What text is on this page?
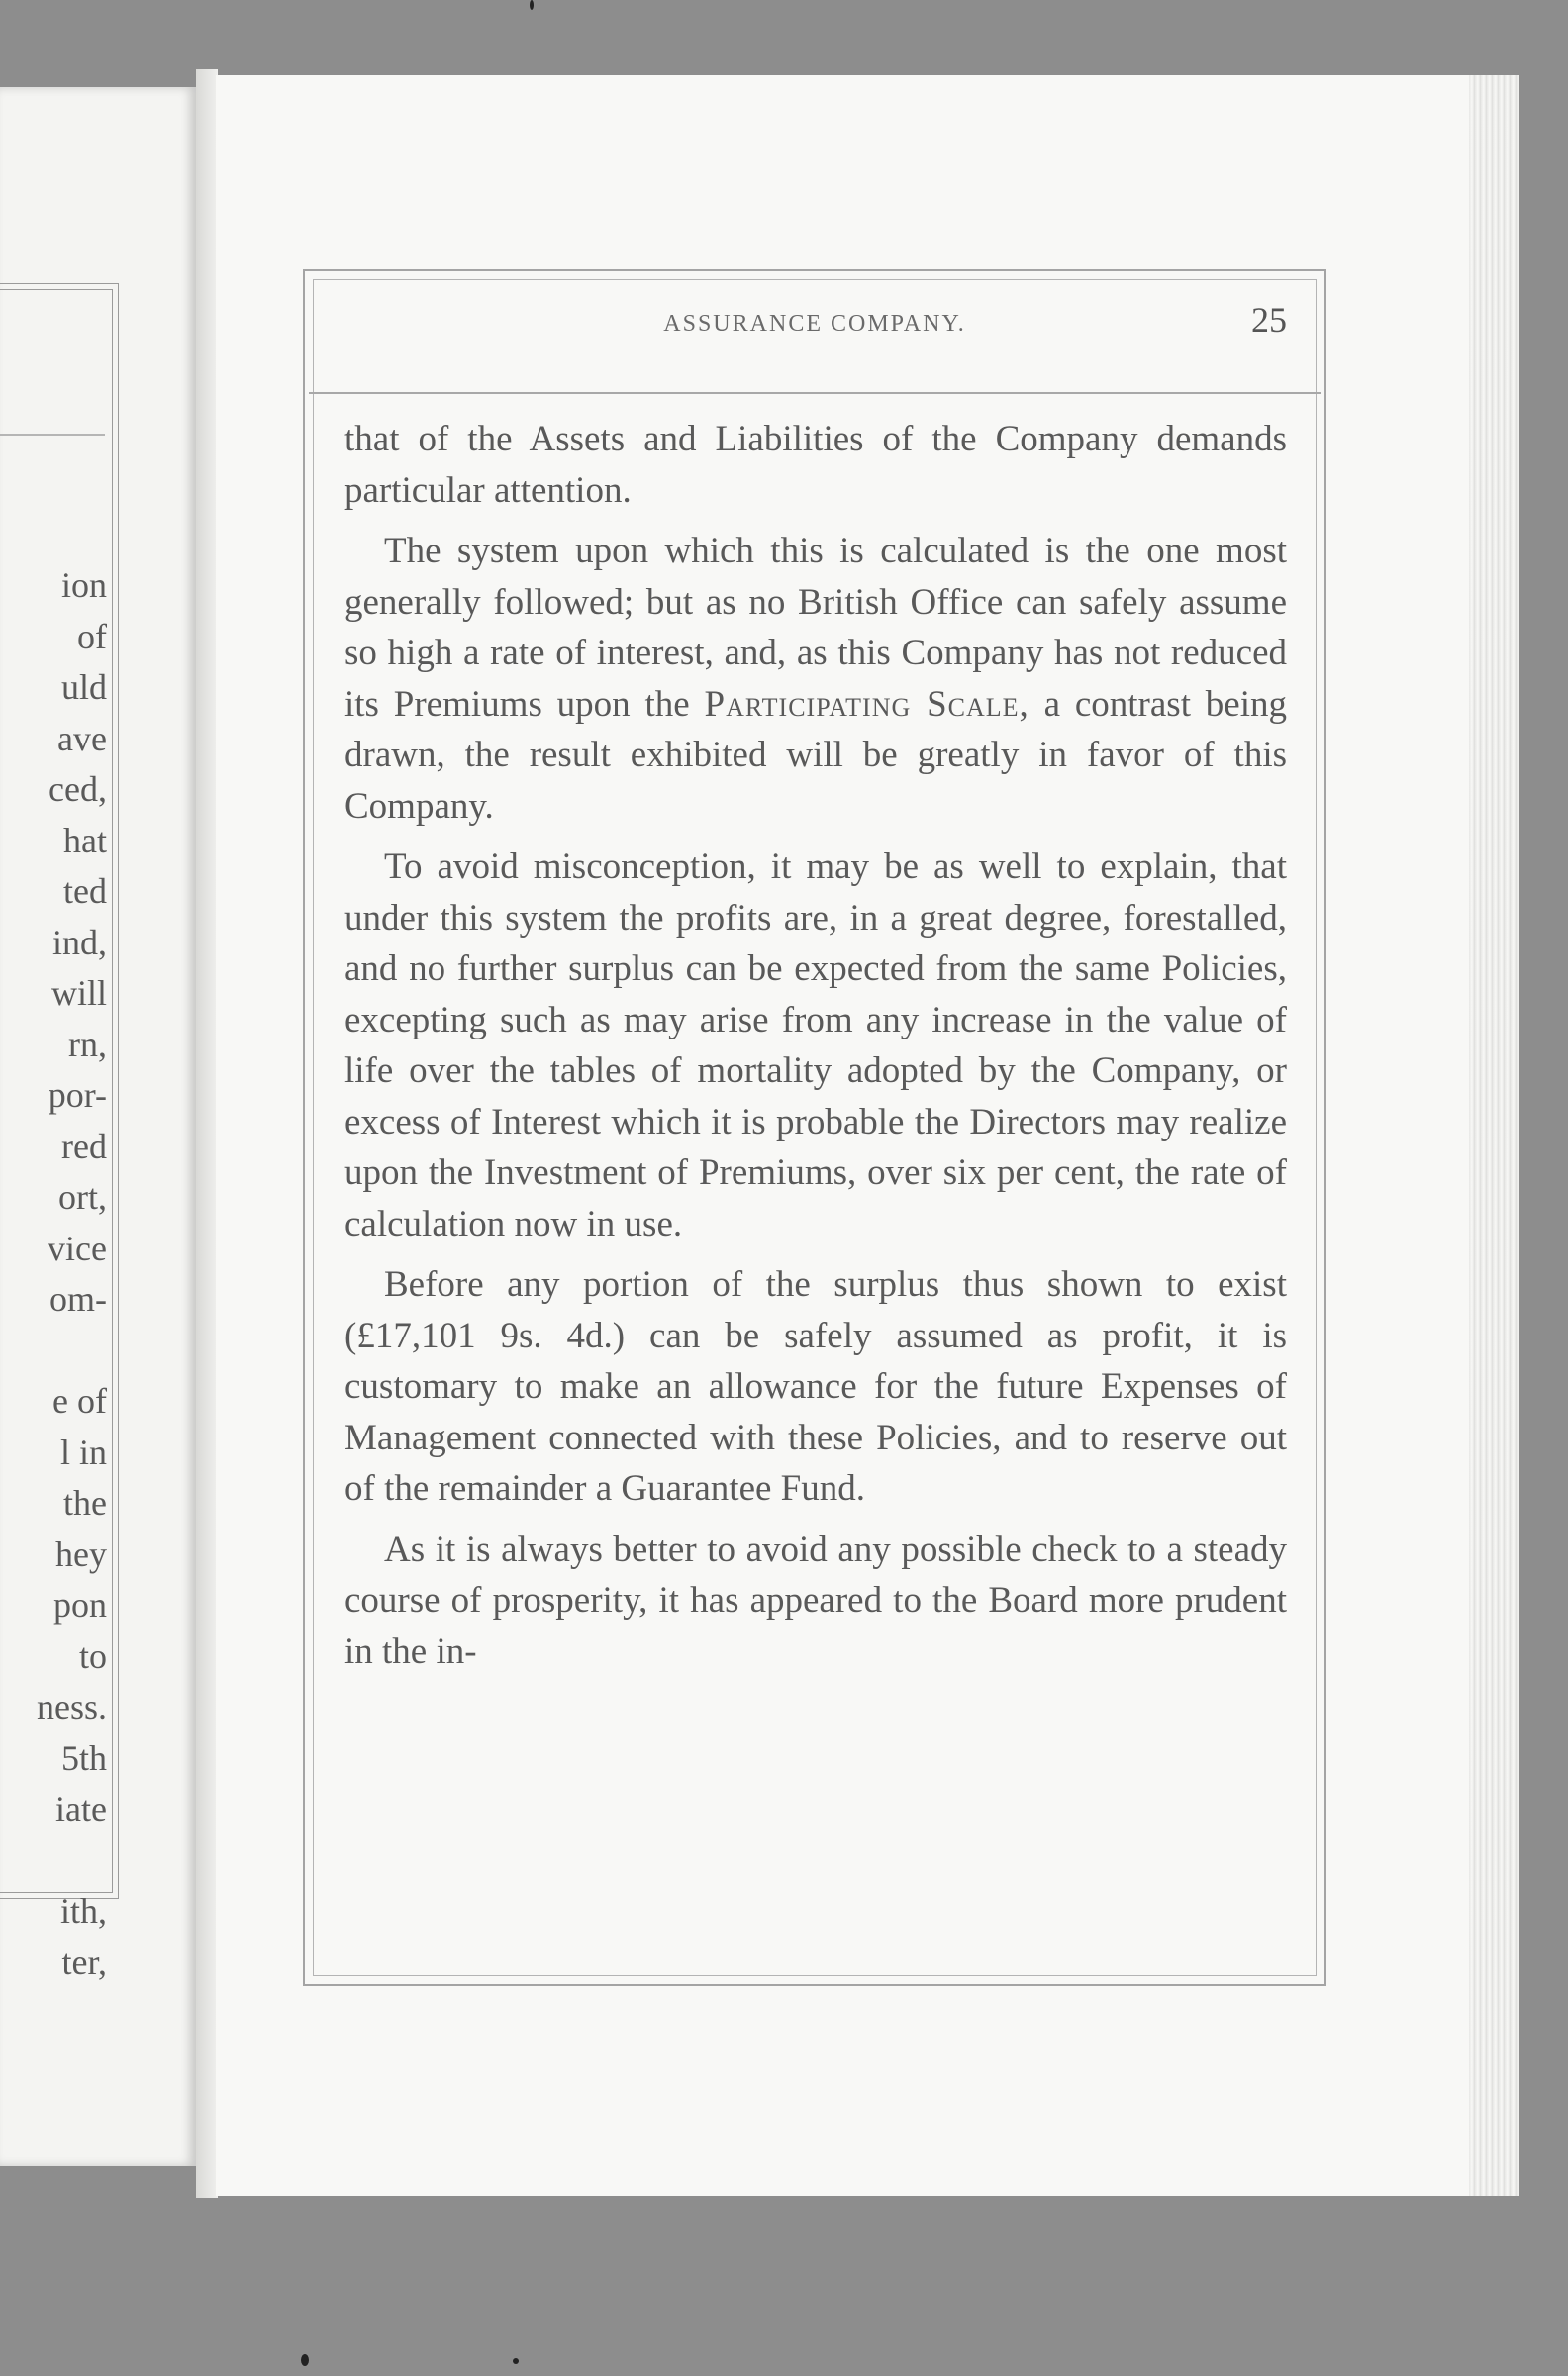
ion
of
uld
ave
ced,
hat
ted
ind,
will
rn,
por-
red
ort,
vice
om-
e of
l in
the
hey
pon
to
ness.
5th
iate
ith,
ter,
ASSURANCE COMPANY.	25

that of the Assets and Liabilities of the Company demands particular attention.

The system upon which this is calculated is the one most generally followed; but as no British Office can safely assume so high a rate of interest, and, as this Company has not reduced its Premiums upon the Participating Scale, a contrast being drawn, the result exhibited will be greatly in favor of this Company.

To avoid misconception, it may be as well to explain, that under this system the profits are, in a great degree, forestalled, and no further surplus can be expected from the same Policies, excepting such as may arise from any increase in the value of life over the tables of mortality adopted by the Company, or excess of Interest which it is probable the Directors may realize upon the Investment of Premiums, over six per cent, the rate of calculation now in use.

Before any portion of the surplus thus shown to exist (£17,101 9s. 4d.) can be safely assumed as profit, it is customary to make an allowance for the future Expenses of Management connected with these Policies, and to reserve out of the remainder a Guarantee Fund.

As it is always better to avoid any possible check to a steady course of prosperity, it has appeared to the Board more prudent in the in-
